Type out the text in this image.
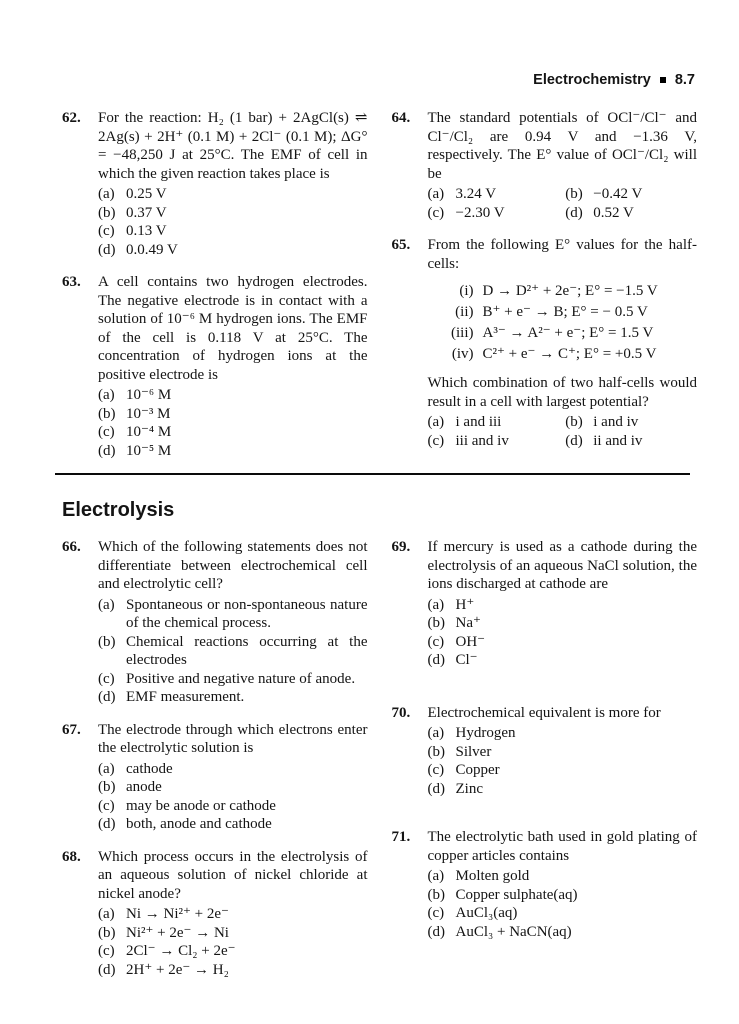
Electrochemistry 8.7
62.	For the reaction: H₂ (1 bar) + 2AgCl(s) ⇌ 2Ag(s) + 2H⁺ (0.1 M) + 2Cl⁻ (0.1 M); ΔG° = −48,250 J at 25°C. The EMF of cell in which the given reaction takes place is
(a) 0.25 V
(b) 0.37 V
(c) 0.13 V
(d) 0.0.49 V
63.	A cell contains two hydrogen electrodes. The negative electrode is in contact with a solution of 10⁻⁶ M hydrogen ions. The EMF of the cell is 0.118 V at 25°C. The concentration of hydrogen ions at the positive electrode is
(a) 10⁻⁶ M
(b) 10⁻³ M
(c) 10⁻⁴ M
(d) 10⁻⁵ M
64.	The standard potentials of OCl⁻/Cl⁻ and Cl⁻/Cl₂ are 0.94 V and −1.36 V, respectively. The E° value of OCl⁻/Cl₂ will be
(a) 3.24 V	(b) −0.42 V
(c) −2.30 V	(d) 0.52 V
65.	From the following E° values for the half-cells:
(i) D → D²⁺ + 2e⁻; E° = −1.5 V
(ii) B⁺ + e⁻ → B; E° = − 0.5 V
(iii) A³⁻ → A²⁻ + e⁻; E° = 1.5 V
(iv) C²⁺ + e⁻ → C⁺; E° = +0.5 V
Which combination of two half-cells would result in a cell with largest potential?
(a) i and iii	(b) i and iv
(c) iii and iv	(d) ii and iv
Electrolysis
66.	Which of the following statements does not differentiate between electrochemical cell and electrolytic cell?
(a) Spontaneous or non-spontaneous nature of the chemical process.
(b) Chemical reactions occurring at the electrodes
(c) Positive and negative nature of anode.
(d) EMF measurement.
67.	The electrode through which electrons enter the electrolytic solution is
(a) cathode
(b) anode
(c) may be anode or cathode
(d) both, anode and cathode
68.	Which process occurs in the electrolysis of an aqueous solution of nickel chloride at nickel anode?
(a) Ni → Ni²⁺ + 2e⁻
(b) Ni²⁺ + 2e⁻ → Ni
(c) 2Cl⁻ → Cl₂ + 2e⁻
(d) 2H⁺ + 2e⁻ → H₂
69.	If mercury is used as a cathode during the electrolysis of an aqueous NaCl solution, the ions discharged at cathode are
(a) H⁺
(b) Na⁺
(c) OH⁻
(d) Cl⁻
70.	Electrochemical equivalent is more for
(a) Hydrogen
(b) Silver
(c) Copper
(d) Zinc
71.	The electrolytic bath used in gold plating of copper articles contains
(a) Molten gold
(b) Copper sulphate(aq)
(c) AuCl₃(aq)
(d) AuCl₃ + NaCN(aq)
